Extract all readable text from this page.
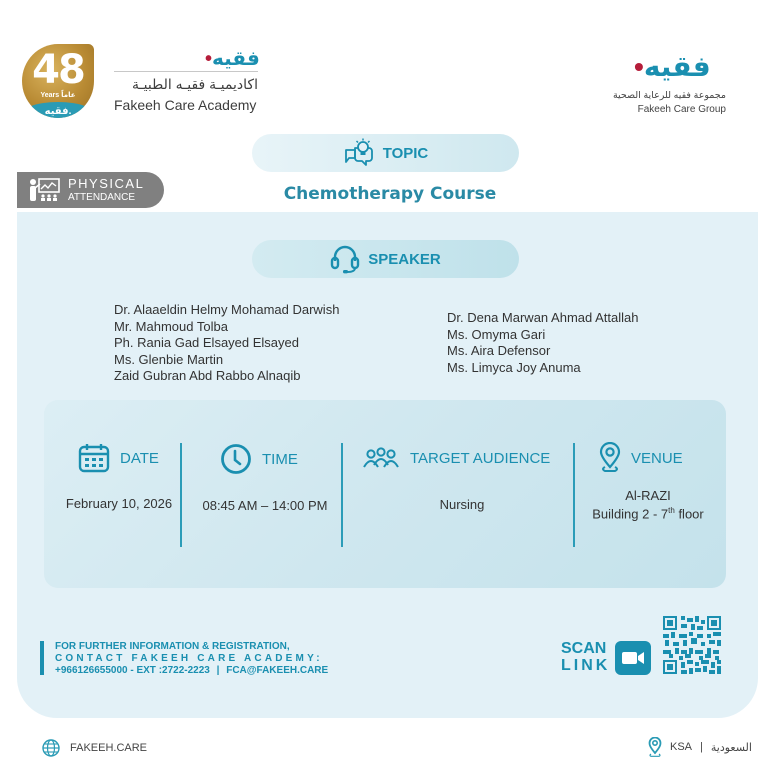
48
Years عاماً
فقيه.
فقيه•
اكاديميـة فقيـه الطبيـة
Fakeeh Care Academy
فقيه•
مجموعة فقيه للرعاية الصحية
Fakeeh Care Group
PHYSICAL
ATTENDANCE
TOPIC
Chemotherapy Course
SPEAKER
Dr. Alaaeldin Helmy Mohamad Darwish
Mr. Mahmoud Tolba
Ph. Rania Gad Elsayed Elsayed
Ms. Glenbie Martin
Zaid Gubran Abd Rabbo Alnaqib
Dr. Dena Marwan Ahmad Attallah
Ms. Omyma Gari
Ms. Aira Defensor
Ms. Limyca Joy Anuma
DATE
February 10, 2026
TIME
08:45 AM – 14:00 PM
TARGET AUDIENCE
Nursing
VENUE
Al-RAZI
Building 2 - 7th floor
FOR FURTHER INFORMATION & REGISTRATION,
CONTACT FAKEEH CARE ACADEMY:
+966126655000 - EXT :2722-2223 | FCA@FAKEEH.CARE
SCAN
LINK
FAKEEH.CARE	KSA | السعودية
